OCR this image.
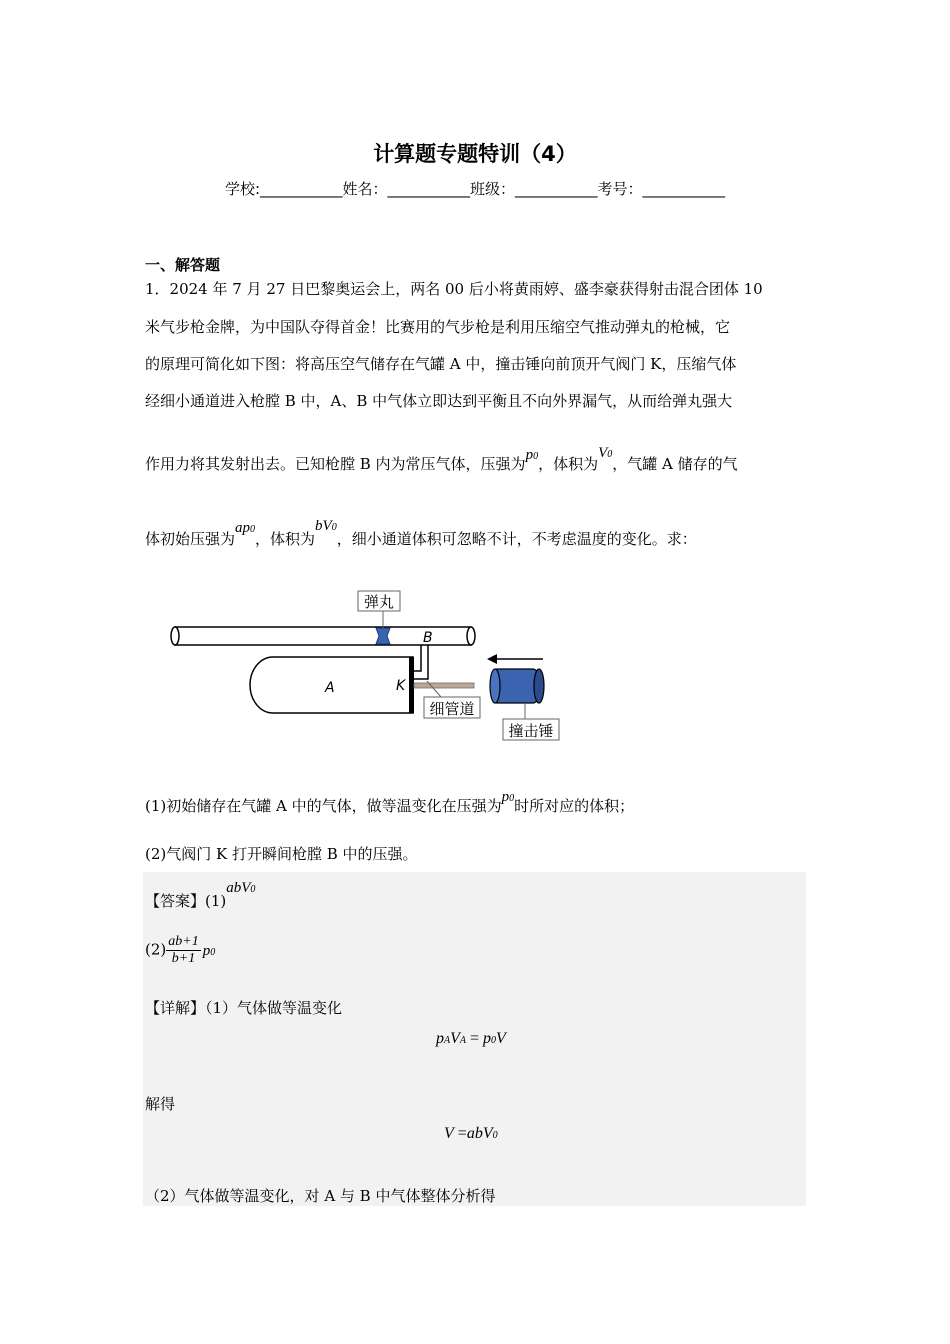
计算题专题特训（4）
学校:___________姓名：___________班级：___________考号：___________
一、解答题
1．2024 年 7 月 27 日巴黎奥运会上，两名 00 后小将黄雨婷、盛李豪获得射击混合团体 10
米气步枪金牌，为中国队夺得首金！比赛用的气步枪是利用压缩空气推动弹丸的枪械，它
的原理可简化如下图：将高压空气储存在气罐 A 中，撞击锤向前顶开气阀门 K，压缩气体
经细小通道进入枪膛 B 中，A、B 中气体立即达到平衡且不向外界漏气，从而给弹丸强大
作用力将其发射出去。已知枪膛 B 内为常压气体，压强为p0，体积为V0，气罐 A 储存的气
体初始压强为ap0，体积为bV0，细小通道体积可忽略不计，不考虑温度的变化。求：
弹丸
B
A	K
细管道
撞击锤
(1)初始储存在气罐 A 中的气体，做等温变化在压强为p0时所对应的体积；
(2)气阀门 K 打开瞬间枪膛 B 中的压强。
【答案】(1)abV0
$(2) \frac{ab+1}{b+1} p0$
【详解】（1）气体做等温变化
pAVA = p0V
解得
V =abV0
（2）气体做等温变化，对 A 与 B 中气体整体分析得
